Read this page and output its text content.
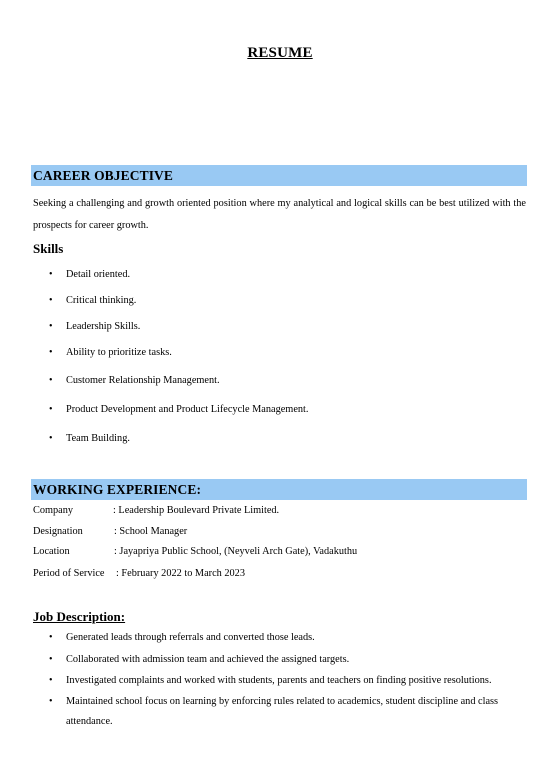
RESUME
CAREER OBJECTIVE

Seeking a challenging and growth oriented position where my analytical and logical skills can be best utilized with the prospects for career growth.

Skills

• Detail oriented.
• Critical thinking.
• Leadership Skills.
• Ability to prioritize tasks.
• Customer Relationship Management.
• Product Development and Product Lifecycle Management.
• Team Building.
WORKING EXPERIENCE:
Company	: Leadership Boulevard Private Limited.
Designation	: School Manager
Location	: Jayapriya Public School, (Neyveli Arch Gate), Vadakuthu
Period of Service : February 2022 to March 2023

Job Description:

• Generated leads through referrals and converted those leads.
• Collaborated with admission team and achieved the assigned targets.
• Investigated complaints and worked with students, parents and teachers on finding positive resolutions.
• Maintained school focus on learning by enforcing rules related to academics, student discipline and class attendance.
